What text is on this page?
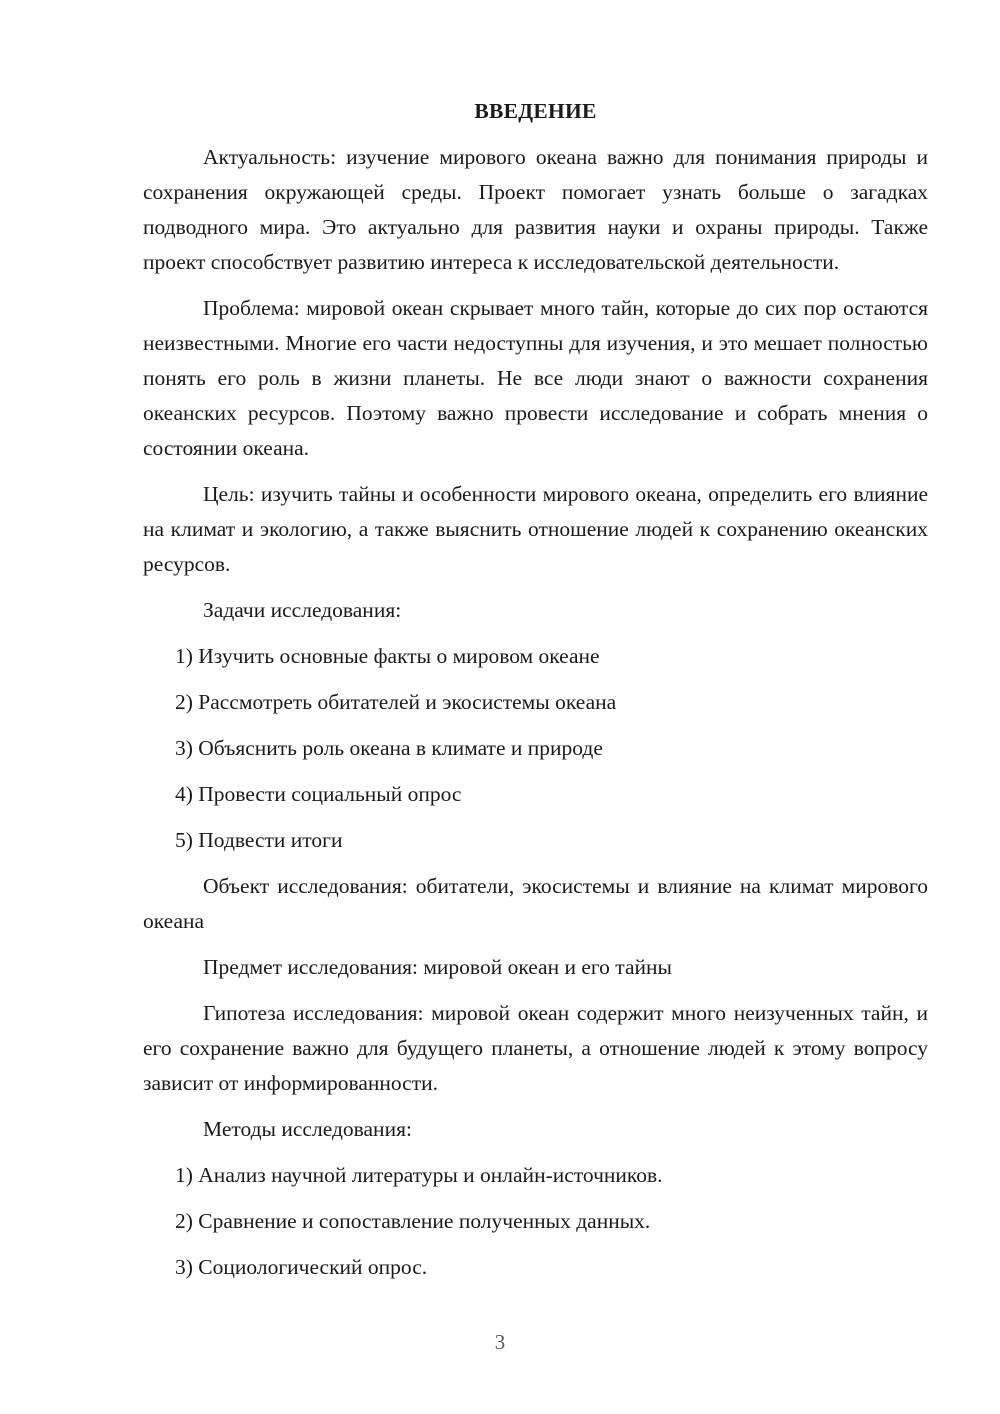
ВВЕДЕНИЕ
Актуальность: изучение мирового океана важно для понимания природы и сохранения окружающей среды. Проект помогает узнать больше о загадках подводного мира. Это актуально для развития науки и охраны природы. Также проект способствует развитию интереса к исследовательской деятельности.
Проблема: мировой океан скрывает много тайн, которые до сих пор остаются неизвестными. Многие его части недоступны для изучения, и это мешает полностью понять его роль в жизни планеты. Не все люди знают о важности сохранения океанских ресурсов. Поэтому важно провести исследование и собрать мнения о состоянии океана.
Цель: изучить тайны и особенности мирового океана, определить его влияние на климат и экологию, а также выяснить отношение людей к сохранению океанских ресурсов.
Задачи исследования:
1) Изучить основные факты о мировом океане
2) Рассмотреть обитателей и экосистемы океана
3) Объяснить роль океана в климате и природе
4) Провести социальный опрос
5) Подвести итоги
Объект исследования: обитатели, экосистемы и влияние на климат мирового океана
Предмет исследования: мировой океан и его тайны
Гипотеза исследования: мировой океан содержит много неизученных тайн, и его сохранение важно для будущего планеты, а отношение людей к этому вопросу зависит от информированности.
Методы исследования:
1) Анализ научной литературы и онлайн-источников.
2) Сравнение и сопоставление полученных данных.
3) Социологический опрос.
3
